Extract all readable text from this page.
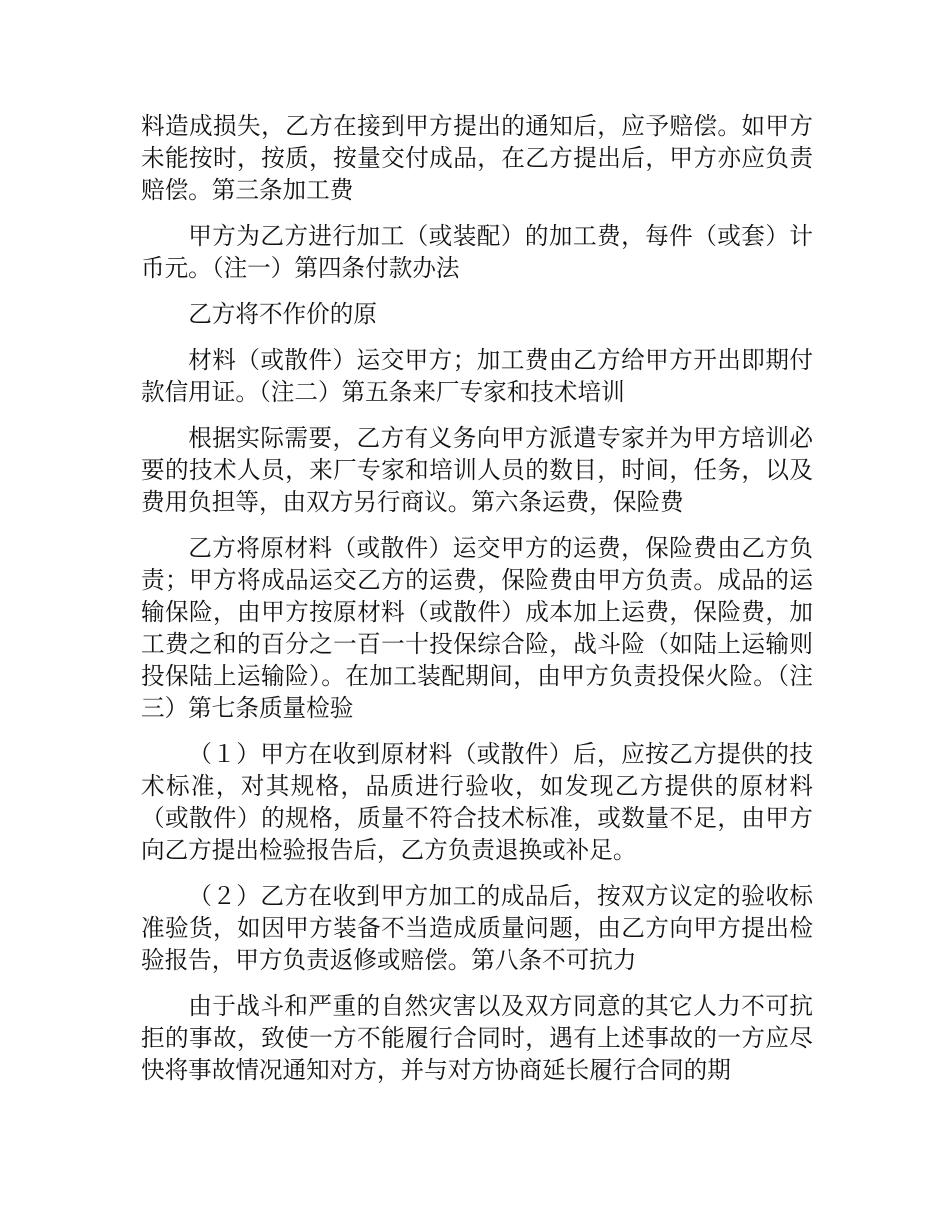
料造成损失，乙方在接到甲方提出的通知后，应予赔偿。如甲方未能按时，按质，按量交付成品，在乙方提出后，甲方亦应负责赔偿。第三条加工费

甲方为乙方进行加工（或装配）的加工费，每件（或套）计币元。（注一）第四条付款办法

乙方将不作价的原

材料（或散件）运交甲方；加工费由乙方给甲方开出即期付款信用证。（注二）第五条来厂专家和技术培训

根据实际需要，乙方有义务向甲方派遣专家并为甲方培训必要的技术人员，来厂专家和培训人员的数目，时间，任务，以及费用负担等，由双方另行商议。第六条运费，保险费

乙方将原材料（或散件）运交甲方的运费，保险费由乙方负责；甲方将成品运交乙方的运费，保险费由甲方负责。成品的运输保险，由甲方按原材料（或散件）成本加上运费，保险费，加工费之和的百分之一百一十投保综合险，战斗险（如陆上运输则投保陆上运输险）。在加工装配期间，由甲方负责投保火险。（注三）第七条质量检验

（１）甲方在收到原材料（或散件）后，应按乙方提供的技术标准，对其规格，品质进行验收，如发现乙方提供的原材料（或散件）的规格，质量不符合技术标准，或数量不足，由甲方向乙方提出检验报告后，乙方负责退换或补足。

（２）乙方在收到甲方加工的成品后，按双方议定的验收标准验货，如因甲方装备不当造成质量问题，由乙方向甲方提出检验报告，甲方负责返修或赔偿。第八条不可抗力

由于战斗和严重的自然灾害以及双方同意的其它人力不可抗拒的事故，致使一方不能履行合同时，遇有上述事故的一方应尽快将事故情况通知对方，并与对方协商延长履行合同的期
